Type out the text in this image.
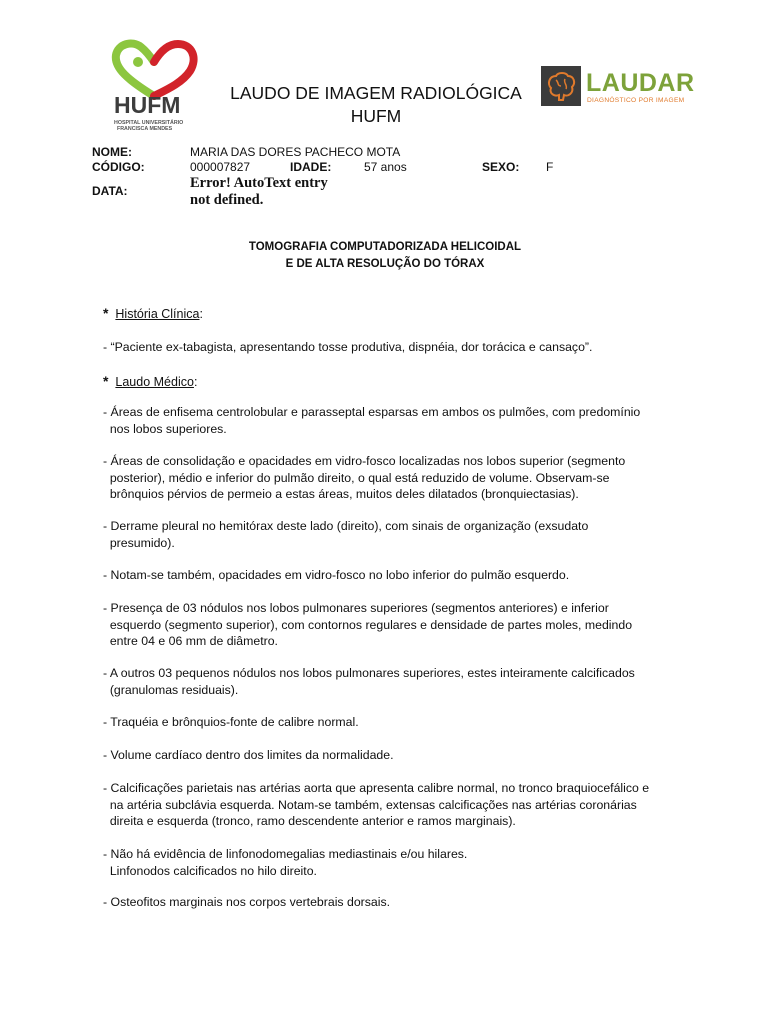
HUFM
HOSPITAL UNIVERSITÁRIO
FRANCISCA MENDES
LAUDO DE IMAGEM RADIOLÓGICA
HUFM
LAUDAR
DIAGNÓSTICO POR IMAGEM
NOME:	MARIA DAS DORES PACHECO MOTA
CÓDIGO:	000007827	IDADE:	57 anos	SEXO: F
DATA:	Error! AutoText entry
not defined.
TOMOGRAFIA COMPUTADORIZADA HELICOIDAL
E DE ALTA RESOLUÇÃO DO TÓRAX
* História Clínica:
- “Paciente ex-tabagista, apresentando tosse produtiva, dispnéia, dor torácica e cansaço”.
* Laudo Médico:
- Áreas de enfisema centrolobular e parasseptal esparsas em ambos os pulmões, com predomínio
nos lobos superiores.
- Áreas de consolidação e opacidades em vidro-fosco localizadas nos lobos superior (segmento
posterior), médio e inferior do pulmão direito, o qual está reduzido de volume. Observam-se
brônquios pérvios de permeio a estas áreas, muitos deles dilatados (bronquiectasias).
- Derrame pleural no hemitórax deste lado (direito), com sinais de organização (exsudato
presumido).
- Notam-se também, opacidades em vidro-fosco no lobo inferior do pulmão esquerdo.
- Presença de 03 nódulos nos lobos pulmonares superiores (segmentos anteriores) e inferior
esquerdo (segmento superior), com contornos regulares e densidade de partes moles, medindo
entre 04 e 06 mm de diâmetro.
- A outros 03 pequenos nódulos nos lobos pulmonares superiores, estes inteiramente calcificados
(granulomas residuais).
- Traquéia e brônquios-fonte de calibre normal.
- Volume cardíaco dentro dos limites da normalidade.
- Calcificações parietais nas artérias aorta que apresenta calibre normal, no tronco braquiocefálico e
na artéria subclávia esquerda. Notam-se também, extensas calcificações nas artérias coronárias
direita e esquerda (tronco, ramo descendente anterior e ramos marginais).
- Não há evidência de linfonodomegalias mediastinais e/ou hilares.
Linfonodos calcificados no hilo direito.
- Osteofitos marginais nos corpos vertebrais dorsais.
